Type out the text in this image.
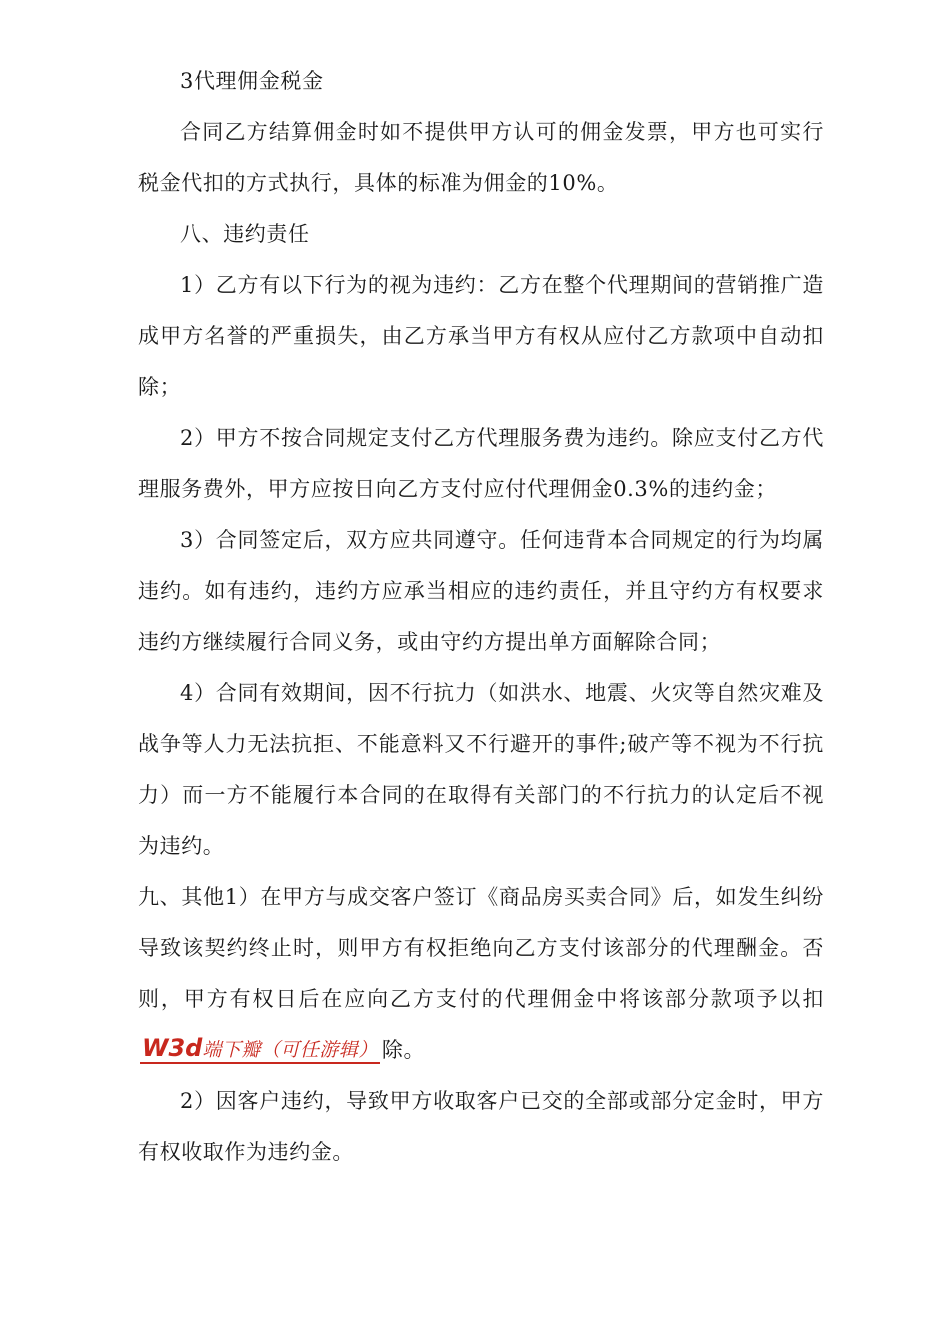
3代理佣金税金

合同乙方结算佣金时如不提供甲方认可的佣金发票，甲方也可实行税金代扣的方式执行，具体的标准为佣金的10%。

八、违约责任

1）乙方有以下行为的视为违约：乙方在整个代理期间的营销推广造成甲方名誉的严重损失，由乙方承当甲方有权从应付乙方款项中自动扣除；

2）甲方不按合同规定支付乙方代理服务费为违约。除应支付乙方代理服务费外，甲方应按日向乙方支付应付代理佣金0.3%的违约金；

3）合同签定后，双方应共同遵守。任何违背本合同规定的行为均属违约。如有违约，违约方应承当相应的违约责任，并且守约方有权要求违约方继续履行合同义务，或由守约方提出单方面解除合同；

4）合同有效期间，因不行抗力（如洪水、地震、火灾等自然灾难及战争等人力无法抗拒、不能意料又不行避开的事件;破产等不视为不行抗力）而一方不能履行本合同的在取得有关部门的不行抗力的认定后不视为违约。

九、其他1）在甲方与成交客户签订《商品房买卖合同》后，如发生纠纷导致该契约终止时，则甲方有权拒绝向乙方支付该部分的代理酬金。否则，甲方有权日后在应向乙方支付的代理佣金中将该部分款项予以扣W3d端下瓣（可任游辑） 除。

2）因客户违约，导致甲方收取客户已交的全部或部分定金时，甲方有权收取作为违约金。
